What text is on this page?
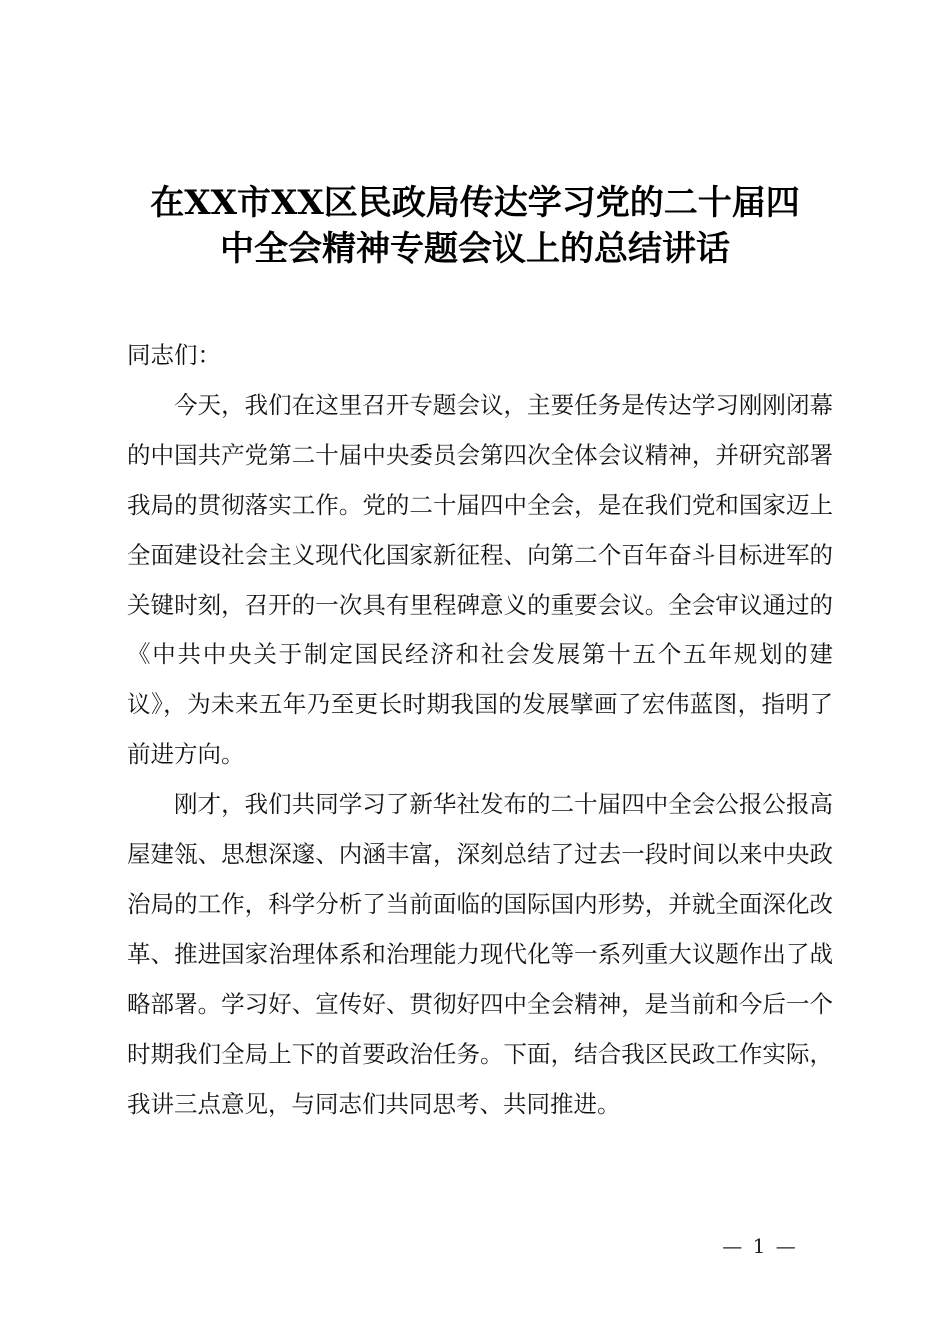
在XX市XX区民政局传达学习党的二十届四
中全会精神专题会议上的总结讲话

同志们：

今天，我们在这里召开专题会议，主要任务是传达学习刚刚闭幕的中国共产党第二十届中央委员会第四次全体会议精神，并研究部署我局的贯彻落实工作。党的二十届四中全会，是在我们党和国家迈上全面建设社会主义现代化国家新征程、向第二个百年奋斗目标进军的关键时刻，召开的一次具有里程碑意义的重要会议。全会审议通过的《中共中央关于制定国民经济和社会发展第十五个五年规划的建议》，为未来五年乃至更长时期我国的发展擘画了宏伟蓝图，指明了前进方向。

刚才，我们共同学习了新华社发布的二十届四中全会公报公报高屋建瓴、思想深邃、内涵丰富，深刻总结了过去一段时间以来中央政治局的工作，科学分析了当前面临的国际国内形势，并就全面深化改革、推进国家治理体系和治理能力现代化等一系列重大议题作出了战略部署。学习好、宣传好、贯彻好四中全会精神，是当前和今后一个时期我们全局上下的首要政治任务。下面，结合我区民政工作实际，我讲三点意见，与同志们共同思考、共同推进。

— 1 —
